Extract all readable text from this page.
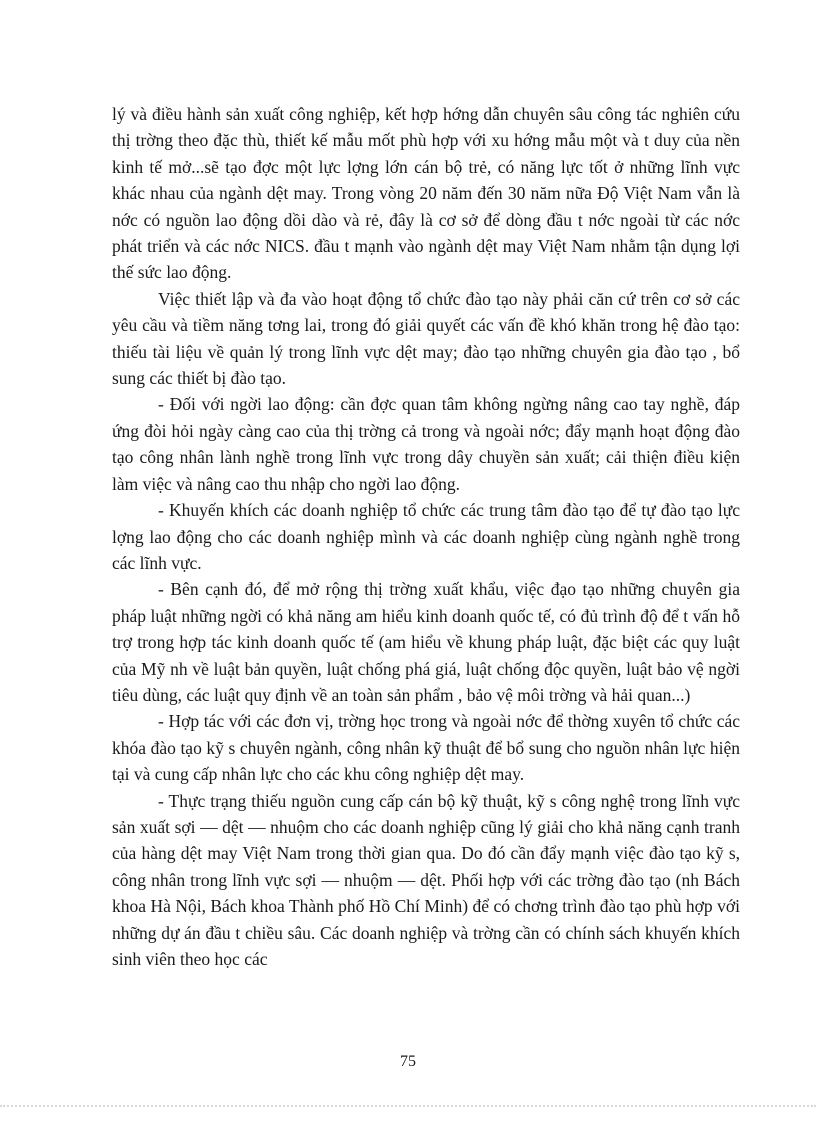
lý và điều hành sản xuất công nghiệp, kết hợp hớng dẫn chuyên sâu công tác nghiên cứu thị trờng theo đặc thù, thiết kế mẫu mốt phù hợp với xu hớng mẫu một và t duy của nền kinh tế mở...sẽ tạo đợc một lực lợng lớn cán bộ trẻ, có năng lực tốt ở những lĩnh vực khác nhau của ngành dệt may. Trong vòng 20 năm đến 30 năm nữa Độ Việt Nam vẫn là nớc có nguồn lao động dồi dào và rẻ, đây là cơ sở để dòng đầu t nớc ngoài từ các nớc phát triển và các nớc NICS. đầu t mạnh vào ngành dệt may Việt Nam nhằm tận dụng lợi thế sức lao động.

Việc thiết lập và đa vào hoạt động tổ chức đào tạo này phải căn cứ trên cơ sở các yêu cầu và tiềm năng tơng lai, trong đó giải quyết các vấn đề khó khăn trong hệ đào tạo: thiếu tài liệu về quản lý trong lĩnh vực dệt may; đào tạo những chuyên gia đào tạo , bổ sung các thiết bị đào tạo.

- Đối với ngời lao động: cần đợc quan tâm không ngừng nâng cao tay nghề, đáp ứng đòi hỏi ngày càng cao của thị trờng cả trong và ngoài nớc; đẩy mạnh hoạt động đào tạo công nhân lành nghề trong lĩnh vực trong dây chuyền sản xuất; cải thiện điều kiện làm việc và nâng cao thu nhập cho ngời lao động.

- Khuyến khích các doanh nghiệp tổ chức các trung tâm đào tạo để tự đào tạo lực lợng lao động cho các doanh nghiệp mình và các doanh nghiệp cùng ngành nghề trong các lĩnh vực.

- Bên cạnh đó, để mở rộng thị trờng xuất khẩu, việc đạo tạo những chuyên gia pháp luật những ngời có khả năng am hiểu kinh doanh quốc tế, có đủ trình độ để t vấn hỗ trợ trong hợp tác kinh doanh quốc tế (am hiểu về khung pháp luật, đặc biệt các quy luật của Mỹ nh về luật bản quyền, luật chống phá giá, luật chống độc quyền, luật bảo vệ ngời tiêu dùng, các luật quy định về an toàn sản phẩm , bảo vệ môi trờng và hải quan...)

- Hợp tác với các đơn vị, trờng học trong và ngoài nớc để thờng xuyên tổ chức các khóa đào tạo kỹ s chuyên ngành, công nhân kỹ thuật để bổ sung cho nguồn nhân lực hiện tại và cung cấp nhân lực cho các khu công nghiệp dệt may.

- Thực trạng thiếu nguồn cung cấp cán bộ kỹ thuật, kỹ s công nghệ trong lĩnh vực sản xuất sợi — dệt — nhuộm cho các doanh nghiệp cũng lý giải cho khả năng cạnh tranh của hàng dệt may Việt Nam trong thời gian qua. Do đó cần đẩy mạnh việc đào tạo kỹ s, công nhân trong lĩnh vực sợi — nhuộm — dệt. Phối hợp với các trờng đào tạo (nh Bách khoa Hà Nội, Bách khoa Thành phố Hồ Chí Minh) để có chơng trình đào tạo phù hợp với những dự án đầu t chiều sâu. Các doanh nghiệp và trờng cần có chính sách khuyến khích sinh viên theo học các

75
